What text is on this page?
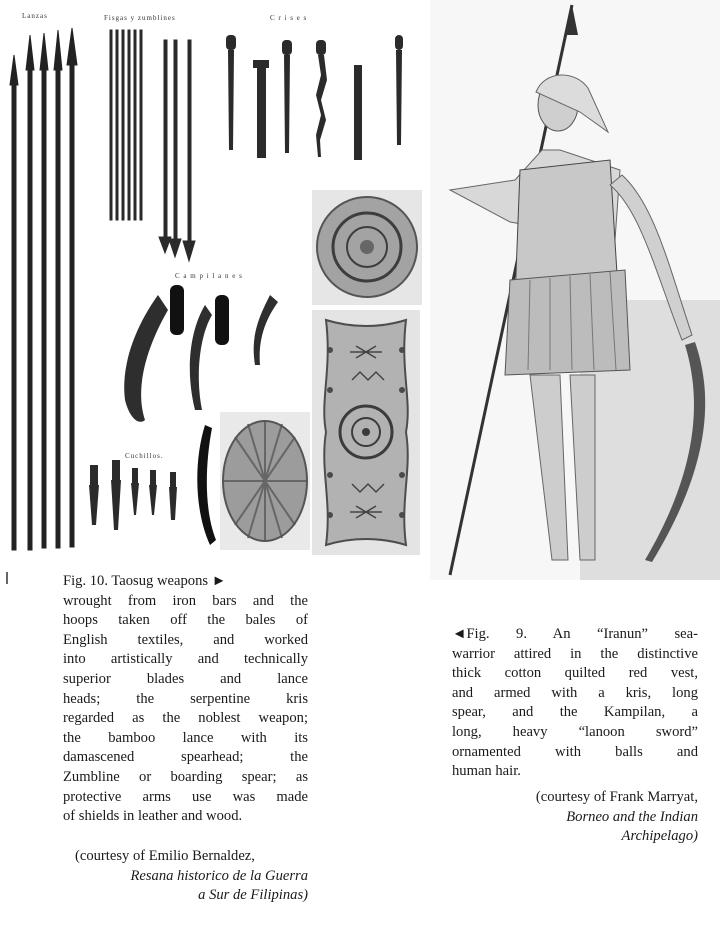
Lanzas	Fisgas y zumblines	C r i s e s
C a m p i l a n e s
Cuchillos.
Fig. 10. Taosug weapons ►
wrought from iron bars and the
hoops taken off the bales of
English textiles, and worked
into artistically and technically
superior blades and lance
heads; the serpentine kris
regarded as the noblest weapon;
the bamboo lance with its
damascened spearhead; the
Zumbline or boarding spear; as
protective arms use was made
of shields in leather and wood.
(courtesy of Emilio Bernaldez,
Resana historico de la Guerra
a Sur de Filipinas)
◄Fig. 9. An “Iranun” sea-
warrior attired in the distinctive
thick cotton quilted red vest,
and armed with a kris, long
spear, and the Kampilan, a
long, heavy “lanoon sword”
ornamented with balls and
human hair.
(courtesy of Frank Marryat,
Borneo and the Indian
Archipelago)
